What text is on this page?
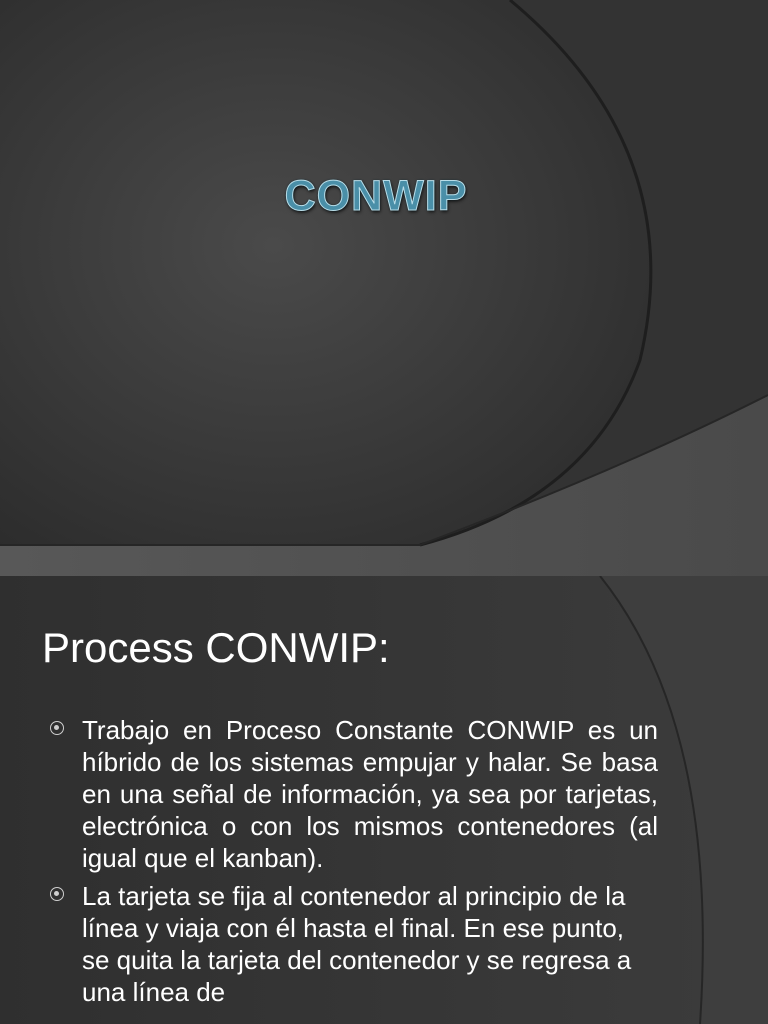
CONWIP
Process CONWIP:
Trabajo en Proceso Constante CONWIP es un híbrido de los sistemas empujar y halar. Se basa en una señal de información, ya sea por tarjetas, electrónica o con los mismos contenedores (al igual que el kanban).
La tarjeta se fija al contenedor al principio de la línea y viaja con él hasta el final. En ese punto, se quita la tarjeta del contenedor y se regresa a una línea de
